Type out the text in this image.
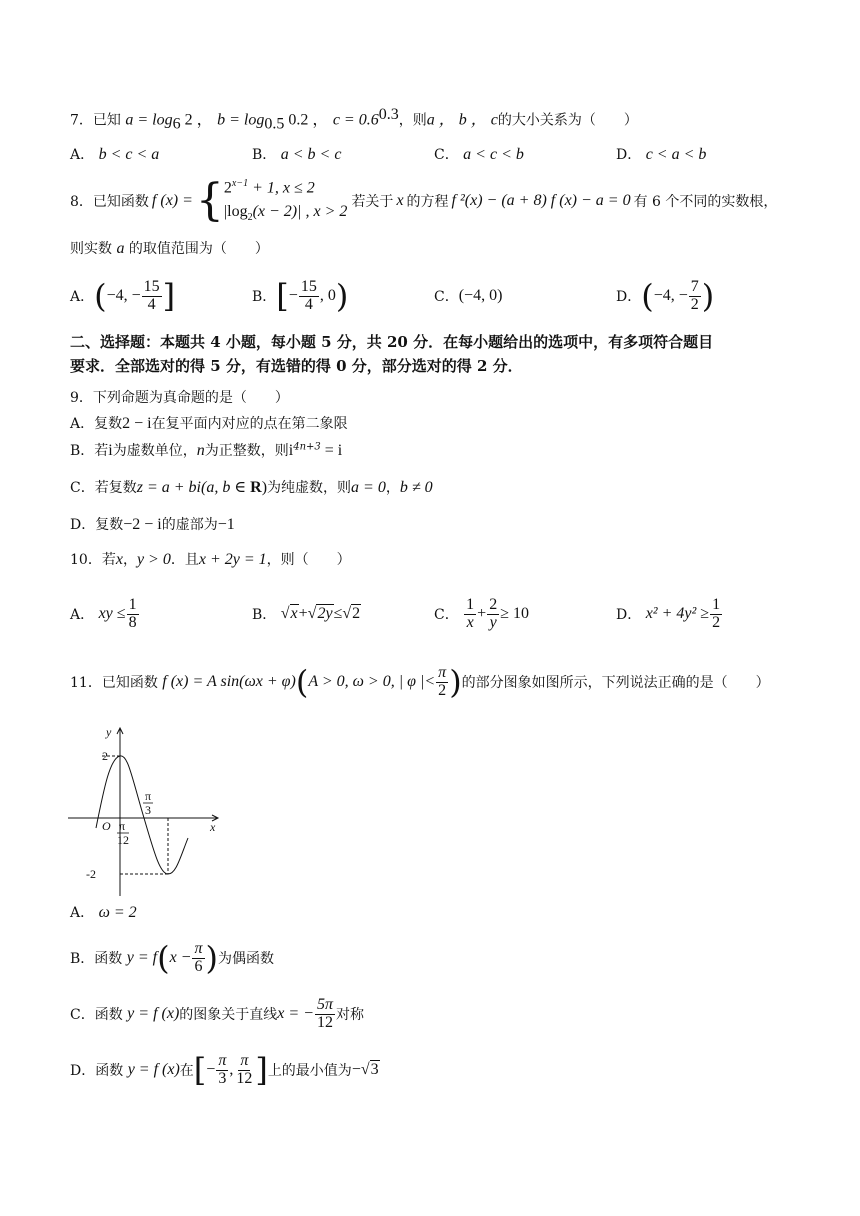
7．已知 $a = \log_6 2$ ， $b = \log_{0.5} 0.2$ ， $c = 0.6^{0.3}$，则a ， b ， c的大小关系为（　　）
A． b < c < a	B． a < b < c	C． a < c < b	D． c < a < b
8． 已知函数 f (x) = { $2^{x-1} + 1$, x ≤ 2
$|\log_2(x - 2)|$ , x > 2
若关于 x 的方程 f ²(x) − (a + 8) f (x) − a = 0 有 6 个不同的实数根，
则实数 a 的取值范围为（　　）
A． ( −4, − $\frac{15}{4}$ ]	B． [ − $\frac{15}{4}$ , 0 )	C． (−4, 0)	D． ( −4, − $\frac{7}{2}$ )
二、选择题：本题共 4 小题，每小题 5 分，共 20 分．在每小题给出的选项中，有多项符合题目
要求．全部选对的得 5 分，有选错的得 0 分，部分选对的得 2 分．
9．下列命题为真命题的是（　　）
A．复数2 − i在复平面内对应的点在第二象限
B．若i为虚数单位，n为正整数，则$i^{4n+3} = i$
C．若复数z = a + bi(a, b ∈ R)为纯虚数，则a = 0，b ≠ 0
D．复数−2 − i的虚部为−1
10．若x，y > 0．且x + 2y = 1，则（　　）
A．
xy ≤ $\frac{1}{8}$	B．
√x + √2y ≤ √2	C．
$\frac{1}{x} + \frac{2}{y} \ge 10$	D．
$x^2 + 4y^2 \ge \frac{1}{2}$
11． 已知函数
f (x) = A sin(ωx + φ) ( A > 0, ω > 0, | φ |< $\frac{\pi}{2}$ ) 的部分图象如图所示，下列说法正确的是（　　）
y
x
O
2
-2
π
12
π
3
A． ω = 2
B． 函数
y = f ( $x - \frac{\pi}{6}$ ) 为偶函数
C． 函数
y = f (x) 的图象关于直线 x = − $\frac{5\pi}{12}$ 对称
D． 函数
y = f (x) 在 [ − $\frac{\pi}{3}$ , $\frac{\pi}{12}$ ] 上的最小值为 − √3
